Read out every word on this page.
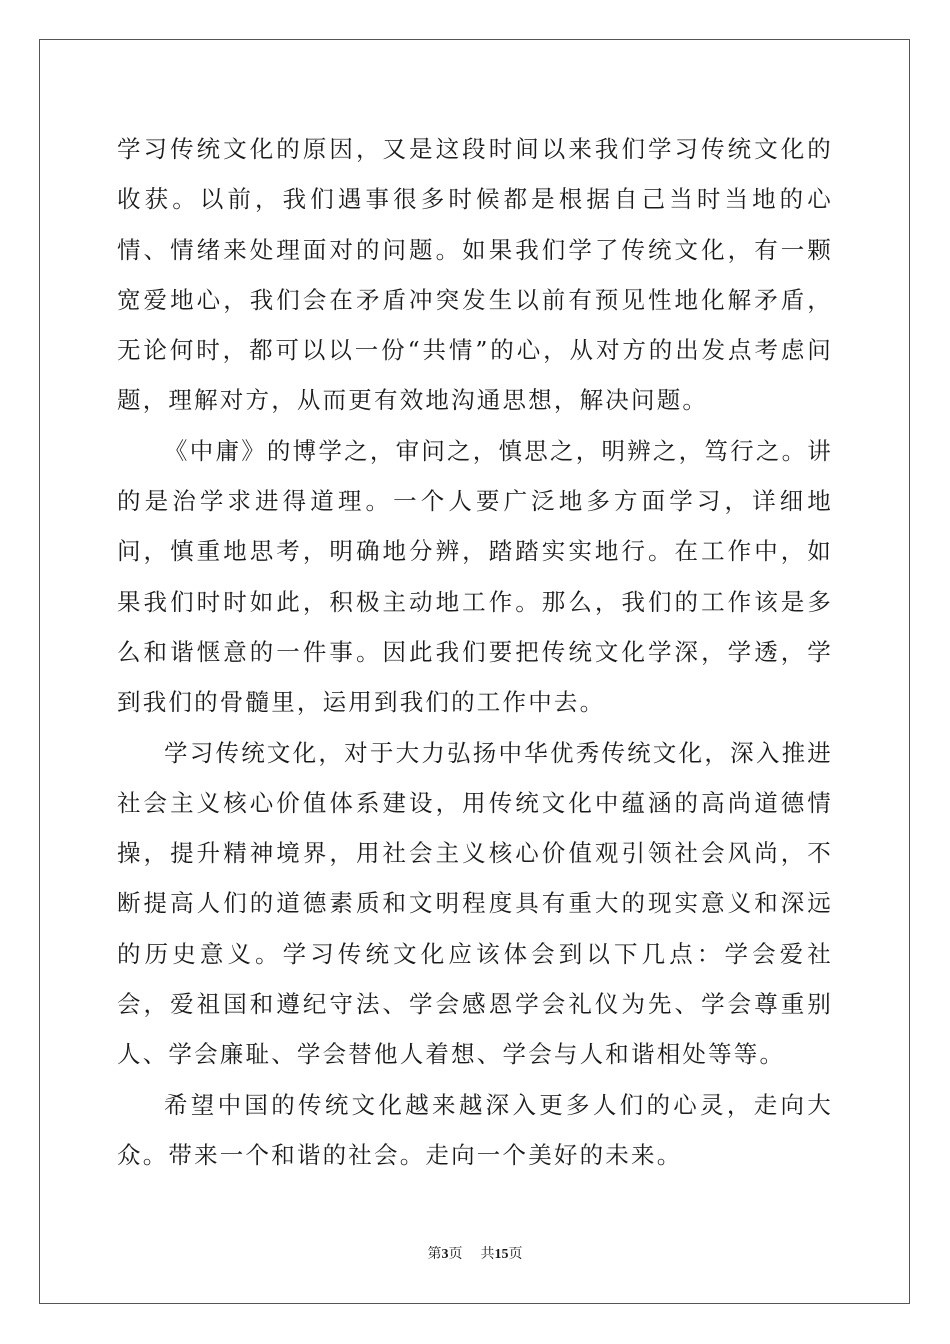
学习传统文化的原因，又是这段时间以来我们学习传统文化的收获。以前，我们遇事很多时候都是根据自己当时当地的心情、情绪来处理面对的问题。如果我们学了传统文化，有一颗宽爱地心，我们会在矛盾冲突发生以前有预见性地化解矛盾，无论何时，都可以以一份“共情”的心，从对方的出发点考虑问题，理解对方，从而更有效地沟通思想，解决问题。

《中庸》的博学之，审问之，慎思之，明辨之，笃行之。讲的是治学求进得道理。一个人要广泛地多方面学习，详细地问，慎重地思考，明确地分辨，踏踏实实地行。在工作中，如果我们时时如此，积极主动地工作。那么，我们的工作该是多么和谐惬意的一件事。因此我们要把传统文化学深，学透，学到我们的骨髓里，运用到我们的工作中去。

学习传统文化，对于大力弘扬中华优秀传统文化，深入推进社会主义核心价值体系建设，用传统文化中蕴涵的高尚道德情操，提升精神境界，用社会主义核心价值观引领社会风尚，不断提高人们的道德素质和文明程度具有重大的现实意义和深远的历史意义。学习传统文化应该体会到以下几点：学会爱社会，爱祖国和遵纪守法、学会感恩学会礼仪为先、学会尊重别人、学会廉耻、学会替他人着想、学会与人和谐相处等等。

希望中国的传统文化越来越深入更多人们的心灵，走向大众。带来一个和谐的社会。走向一个美好的未来。

第3页 共15页
